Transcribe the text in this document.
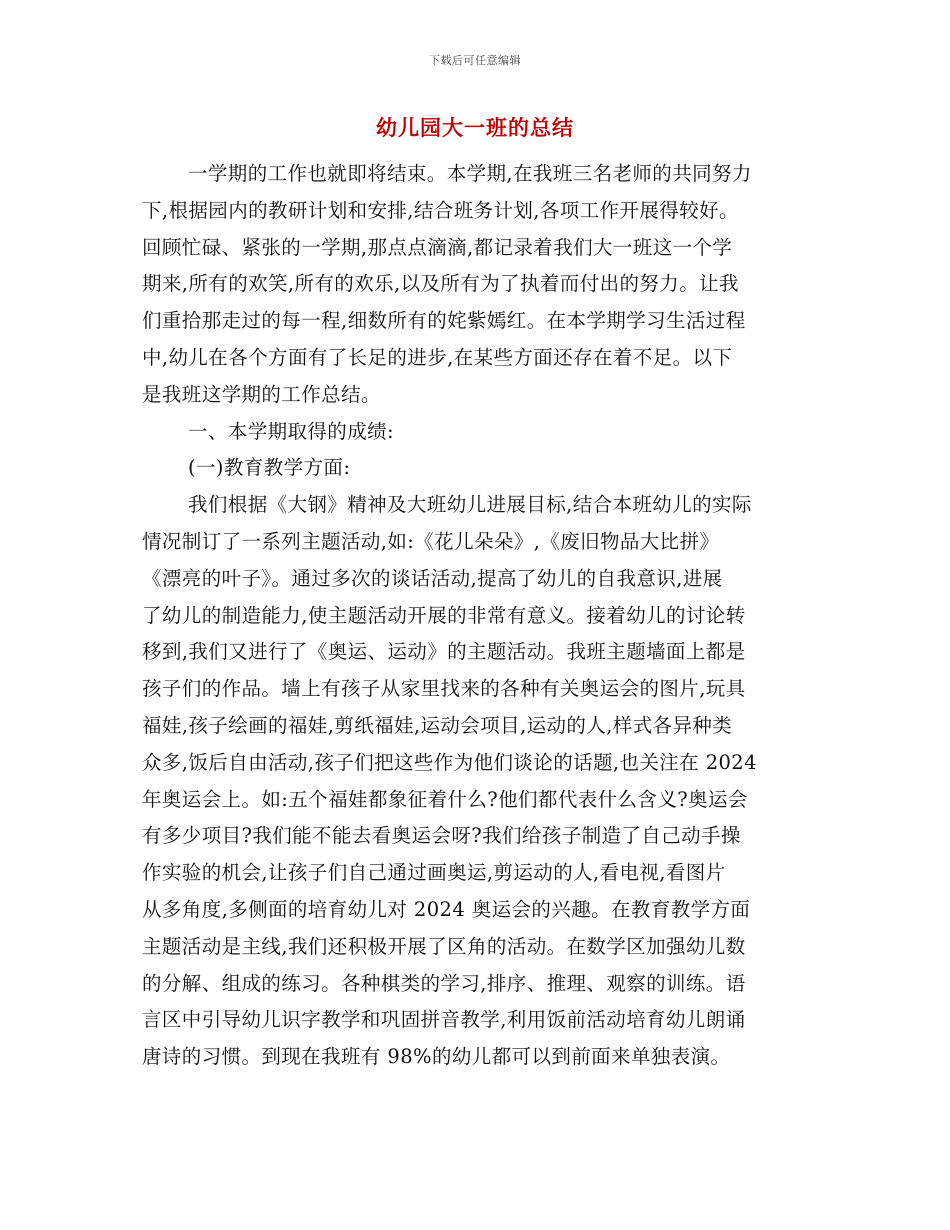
下载后可任意编辑
幼儿园大一班的总结
一学期的工作也就即将结束。本学期,在我班三名老师的共同努力
下,根据园内的教研计划和安排,结合班务计划,各项工作开展得较好。
回顾忙碌、紧张的一学期,那点点滴滴,都记录着我们大一班这一个学
期来,所有的欢笑,所有的欢乐,以及所有为了执着而付出的努力。让我
们重拾那走过的每一程,细数所有的姹紫嫣红。在本学期学习生活过程
中,幼儿在各个方面有了长足的进步,在某些方面还存在着不足。以下
是我班这学期的工作总结。
一、本学期取得的成绩:
(一)教育教学方面:
我们根据《大钢》精神及大班幼儿进展目标,结合本班幼儿的实际
情况制订了一系列主题活动,如:《花儿朵朵》,《废旧物品大比拼》
《漂亮的叶子》。通过多次的谈话活动,提高了幼儿的自我意识,进展
了幼儿的制造能力,使主题活动开展的非常有意义。接着幼儿的讨论转
移到,我们又进行了《奥运、运动》的主题活动。我班主题墙面上都是
孩子们的作品。墙上有孩子从家里找来的各种有关奥运会的图片,玩具
福娃,孩子绘画的福娃,剪纸福娃,运动会项目,运动的人,样式各异种类
众多,饭后自由活动,孩子们把这些作为他们谈论的话题,也关注在 2024
年奥运会上。如:五个福娃都象征着什么?他们都代表什么含义?奥运会
有多少项目?我们能不能去看奥运会呀?我们给孩子制造了自己动手操
作实验的机会,让孩子们自己通过画奥运,剪运动的人,看电视,看图片
从多角度,多侧面的培育幼儿对 2024 奥运会的兴趣。在教育教学方面
主题活动是主线,我们还积极开展了区角的活动。在数学区加强幼儿数
的分解、组成的练习。各种棋类的学习,排序、推理、观察的训练。语
言区中引导幼儿识字教学和巩固拼音教学,利用饭前活动培育幼儿朗诵
唐诗的习惯。到现在我班有 98%的幼儿都可以到前面来单独表演。
